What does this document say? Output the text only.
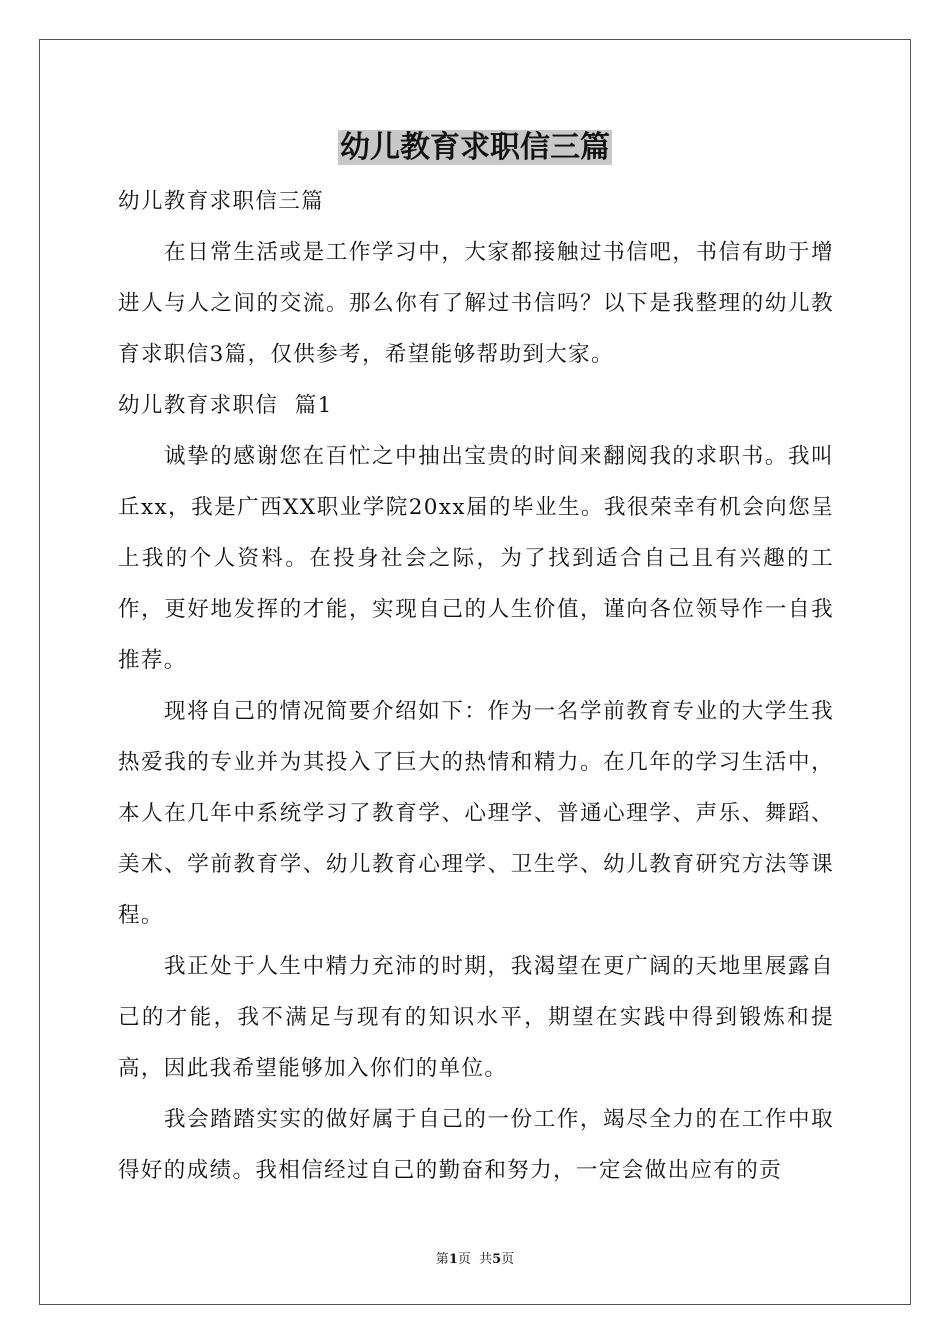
幼儿教育求职信三篇

幼儿教育求职信三篇

在日常生活或是工作学习中，大家都接触过书信吧，书信有助于增进人与人之间的交流。那么你有了解过书信吗？以下是我整理的幼儿教育求职信3篇，仅供参考，希望能够帮助到大家。

幼儿教育求职信  篇1

诚挚的感谢您在百忙之中抽出宝贵的时间来翻阅我的求职书。我叫丘xx，我是广西XX职业学院20xx届的毕业生。我很荣幸有机会向您呈上我的个人资料。在投身社会之际，为了找到适合自己且有兴趣的工作，更好地发挥的才能，实现自己的人生价值，谨向各位领导作一自我推荐。

现将自己的情况简要介绍如下：作为一名学前教育专业的大学生我热爱我的专业并为其投入了巨大的热情和精力。在几年的学习生活中，本人在几年中系统学习了教育学、心理学、普通心理学、声乐、舞蹈、美术、学前教育学、幼儿教育心理学、卫生学、幼儿教育研究方法等课程。

我正处于人生中精力充沛的时期，我渴望在更广阔的天地里展露自己的才能，我不满足与现有的知识水平，期望在实践中得到锻炼和提高，因此我希望能够加入你们的单位。

我会踏踏实实的做好属于自己的一份工作，竭尽全力的在工作中取得好的成绩。我相信经过自己的勤奋和努力，一定会做出应有的贡

第1页  共5页
